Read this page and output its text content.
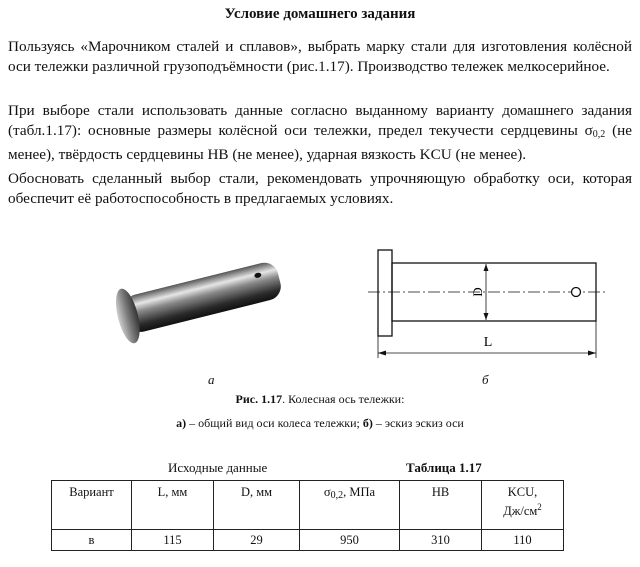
Условие домашнего задания

Пользуясь «Марочником сталей и сплавов», выбрать марку стали для изготовления колёсной оси тележки различной грузоподъёмности (рис.1.17). Производство тележек мелкосерийное.

При выборе стали использовать данные согласно выданному варианту домашнего задания (табл.1.17): основные размеры колёсной оси тележки, предел текучести сердцевины $\sigma_{0,2}$ (не менее), твёрдость сердцевины HB (не менее), ударная вязкость KCU (не менее).

Обосновать сделанный выбор стали, рекомендовать упрочняющую обработку оси, которая обеспечит её работоспособность в предлагаемых условиях.

а
D
L
б
Рис. 1.17. Колесная ось тележки:
а) – общий вид оси колеса тележки; б) – эскиз эскиз оси
Исходные данные	Таблица 1.17
Вариант	L, мм	D, мм	$\sigma_{0,2}$, МПа	HB	KCU,
$Дж/см^2$

в	115	29	950	310	110
